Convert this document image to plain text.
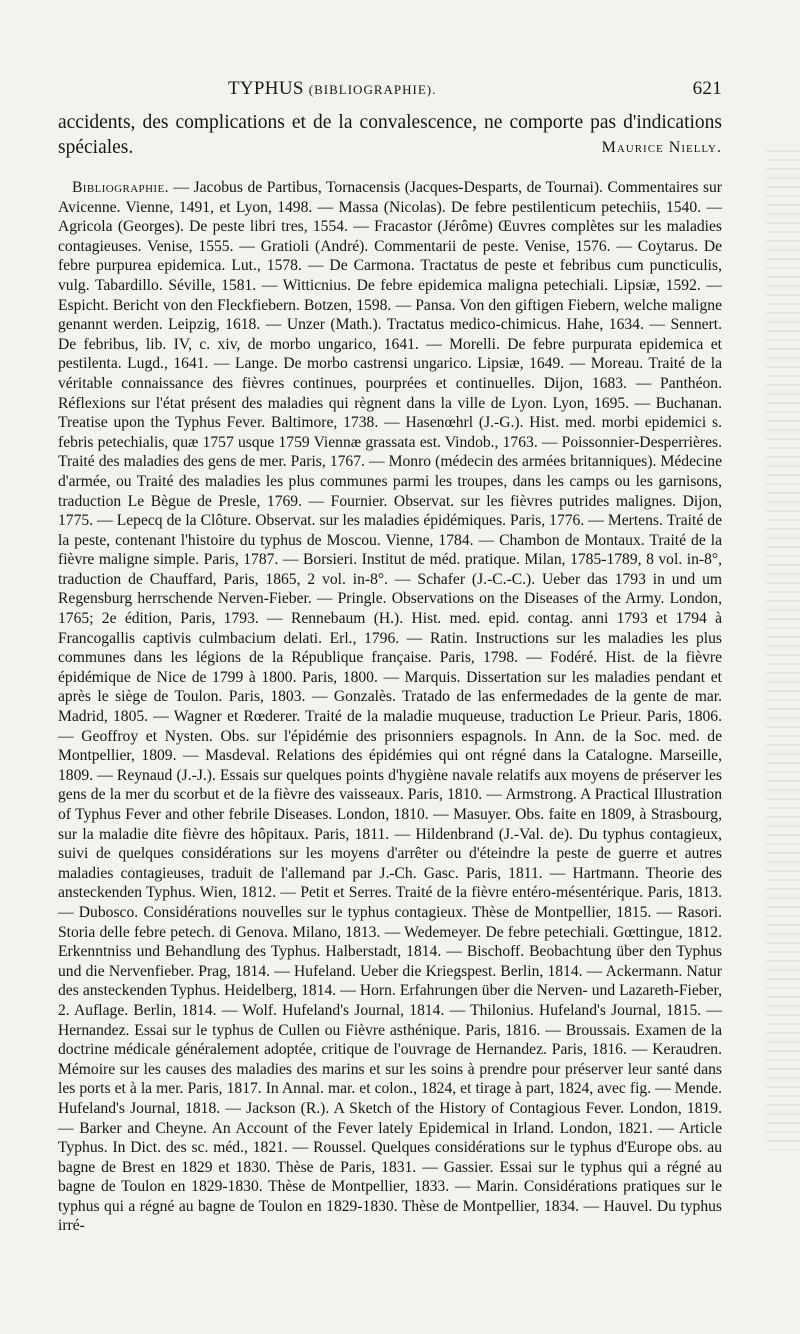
TYPHUS (BIBLIOGRAPHIE).	621
accidents, des complications et de la convalescence, ne comporte pas d'indications spéciales.	Maurice Nielly.
Bibliographie. — Jacobus de Partibus, Tornacensis (Jacques-Desparts, de Tournai). Commentaires sur Avicenne. Vienne, 1491, et Lyon, 1498. — Massa (Nicolas). De febre pestilenticum petechiis, 1540. — Agricola (Georges). De peste libri tres, 1554. — Fracastor (Jérôme) Œuvres complètes sur les maladies contagieuses. Venise, 1555. — Gratioli (André). Commentarii de peste. Venise, 1576. — Coytarus. De febre purpurea epidemica. Lut., 1578. — De Carmona. Tractatus de peste et febribus cum puncticulis, vulg. Tabardillo. Séville, 1581. — Witticnius. De febre epidemica maligna petechiali. Lipsiæ, 1592. — Espicht. Bericht von den Fleckfiebern. Botzen, 1598. — Pansa. Von den giftigen Fiebern, welche maligne genannt werden. Leipzig, 1618. — Unzer (Math.). Tractatus medico-chimicus. Hahe, 1634. — Sennert. De febribus, lib. IV, c. xiv, de morbo ungarico, 1641. — Morelli. De febre purpurata epidemica et pestilenta. Lugd., 1641. — Lange. De morbo castrensi ungarico. Lipsiæ, 1649. — Moreau. Traité de la véritable connaissance des fièvres continues, pourprées et continuelles. Dijon, 1683. — Panthéon. Réflexions sur l'état présent des maladies qui règnent dans la ville de Lyon. Lyon, 1695. — Buchanan. Treatise upon the Typhus Fever. Baltimore, 1738. — Hasenœhrl (J.-G.). Hist. med. morbi epidemici s. febris petechialis, quæ 1757 usque 1759 Viennæ grassata est. Vindob., 1763. — Poissonnier-Desperrières. Traité des maladies des gens de mer. Paris, 1767. — Monro (médecin des armées britanniques). Médecine d'armée, ou Traité des maladies les plus communes parmi les troupes, dans les camps ou les garnisons, traduction Le Bègue de Presle, 1769. — Fournier. Observat. sur les fièvres putrides malignes. Dijon, 1775. — Lepecq de la Clôture. Observat. sur les maladies épidémiques. Paris, 1776. — Mertens. Traité de la peste, contenant l'histoire du typhus de Moscou. Vienne, 1784. — Chambon de Montaux. Traité de la fièvre maligne simple. Paris, 1787. — Borsieri. Institut de méd. pratique. Milan, 1785-1789, 8 vol. in-8°, traduction de Chauffard, Paris, 1865, 2 vol. in-8°. — Schafer (J.-C.-C.). Ueber das 1793 in und um Regensburg herrschende Nerven-Fieber. — Pringle. Observations on the Diseases of the Army. London, 1765; 2e édition, Paris, 1793. — Rennebaum (H.). Hist. med. epid. contag. anni 1793 et 1794 à Francogallis captivis culmbacium delati. Erl., 1796. — Ratin. Instructions sur les maladies les plus communes dans les légions de la République française. Paris, 1798. — Fodéré. Hist. de la fièvre épidémique de Nice de 1799 à 1800. Paris, 1800. — Marquis. Dissertation sur les maladies pendant et après le siège de Toulon. Paris, 1803. — Gonzalès. Tratado de las enfermedades de la gente de mar. Madrid, 1805. — Wagner et Rœderer. Traité de la maladie muqueuse, traduction Le Prieur. Paris, 1806. — Geoffroy et Nysten. Obs. sur l'épidémie des prisonniers espagnols. In Ann. de la Soc. med. de Montpellier, 1809. — Masdeval. Relations des épidémies qui ont régné dans la Catalogne. Marseille, 1809. — Reynaud (J.-J.). Essais sur quelques points d'hygiène navale relatifs aux moyens de préserver les gens de la mer du scorbut et de la fièvre des vaisseaux. Paris, 1810. — Armstrong. A Practical Illustration of Typhus Fever and other febrile Diseases. London, 1810. — Masuyer. Obs. faite en 1809, à Strasbourg, sur la maladie dite fièvre des hôpitaux. Paris, 1811. — Hildenbrand (J.-Val. de). Du typhus contagieux, suivi de quelques considérations sur les moyens d'arrêter ou d'éteindre la peste de guerre et autres maladies contagieuses, traduit de l'allemand par J.-Ch. Gasc. Paris, 1811. — Hartmann. Theorie des ansteckenden Typhus. Wien, 1812. — Petit et Serres. Traité de la fièvre entéro-mésentérique. Paris, 1813. — Dubosco. Considérations nouvelles sur le typhus contagieux. Thèse de Montpellier, 1815. — Rasori. Storia delle febre petech. di Genova. Milano, 1813. — Wedemeyer. De febre petechiali. Gœttingue, 1812. Erkenntniss und Behandlung des Typhus. Halberstadt, 1814. — Bischoff. Beobachtung über den Typhus und die Nervenfieber. Prag, 1814. — Hufeland. Ueber die Kriegspest. Berlin, 1814. — Ackermann. Natur des ansteckenden Typhus. Heidelberg, 1814. — Horn. Erfahrungen über die Nerven- und Lazareth-Fieber, 2. Auflage. Berlin, 1814. — Wolf. Hufeland's Journal, 1814. — Thilonius. Hufeland's Journal, 1815. — Hernandez. Essai sur le typhus de Cullen ou Fièvre asthénique. Paris, 1816. — Broussais. Examen de la doctrine médicale généralement adoptée, critique de l'ouvrage de Hernandez. Paris, 1816. — Keraudren. Mémoire sur les causes des maladies des marins et sur les soins à prendre pour préserver leur santé dans les ports et à la mer. Paris, 1817. In Annal. mar. et colon., 1824, et tirage à part, 1824, avec fig. — Mende. Hufeland's Journal, 1818. — Jackson (R.). A Sketch of the History of Contagious Fever. London, 1819. — Barker and Cheyne. An Account of the Fever lately Epidemical in Irland. London, 1821. — Article Typhus. In Dict. des sc. méd., 1821. — Roussel. Quelques considérations sur le typhus d'Europe obs. au bagne de Brest en 1829 et 1830. Thèse de Paris, 1831. — Gassier. Essai sur le typhus qui a régné au bagne de Toulon en 1829-1830. Thèse de Montpellier, 1833. — Marin. Considérations pratiques sur le typhus qui a régné au bagne de Toulon en 1829-1830. Thèse de Montpellier, 1834. — Hauvel. Du typhus irré-
